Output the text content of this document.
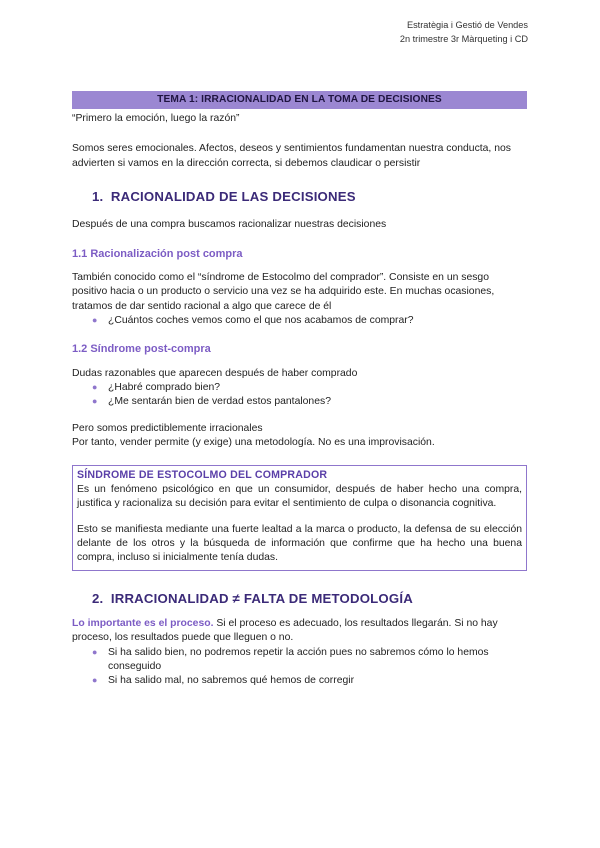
Estratègia i Gestió de Vendes
2n trimestre 3r Màrqueting i CD
TEMA 1: IRRACIONALIDAD EN LA TOMA DE DECISIONES

“Primero la emoción, luego la razón”

Somos seres emocionales. Afectos, deseos y sentimientos fundamentan nuestra conducta, nos advierten si vamos en la dirección correcta, si debemos claudicar o persistir

1. RACIONALIDAD DE LAS DECISIONES

Después de una compra buscamos racionalizar nuestras decisiones

1.1 Racionalización post compra

También conocido como el “síndrome de Estocolmo del comprador”. Consiste en un sesgo positivo hacia o un producto o servicio una vez se ha adquirido este. En muchas ocasiones, tratamos de dar sentido racional a algo que carece de él

● ¿Cuántos coches vemos como el que nos acabamos de comprar?
1.2 Síndrome post-compra

Dudas razonables que aparecen después de haber comprado

● ¿Habré comprado bien?
● ¿Me sentarán bien de verdad estos pantalones?

Pero somos predictiblemente irracionales

Por tanto, vender permite (y exige) una metodología. No es una improvisación.

SÍNDROME DE ESTOCOLMO DEL COMPRADOR

Es un fenómeno psicológico en que un consumidor, después de haber hecho una compra, justifica y racionaliza su decisión para evitar el sentimiento de culpa o disonancia cognitiva.

Esto se manifiesta mediante una fuerte lealtad a la marca o producto, la defensa de su elección delante de los otros y la búsqueda de información que confirme que ha hecho una buena compra, incluso si inicialmente tenía dudas.

2. IRRACIONALIDAD ≠ FALTA DE METODOLOGÍA

Lo importante es el proceso. Si el proceso es adecuado, los resultados llegarán. Si no hay proceso, los resultados puede que lleguen o no.

● Si ha salido bien, no podremos repetir la acción pues no sabremos cómo lo hemos conseguido
● Si ha salido mal, no sabremos qué hemos de corregir
